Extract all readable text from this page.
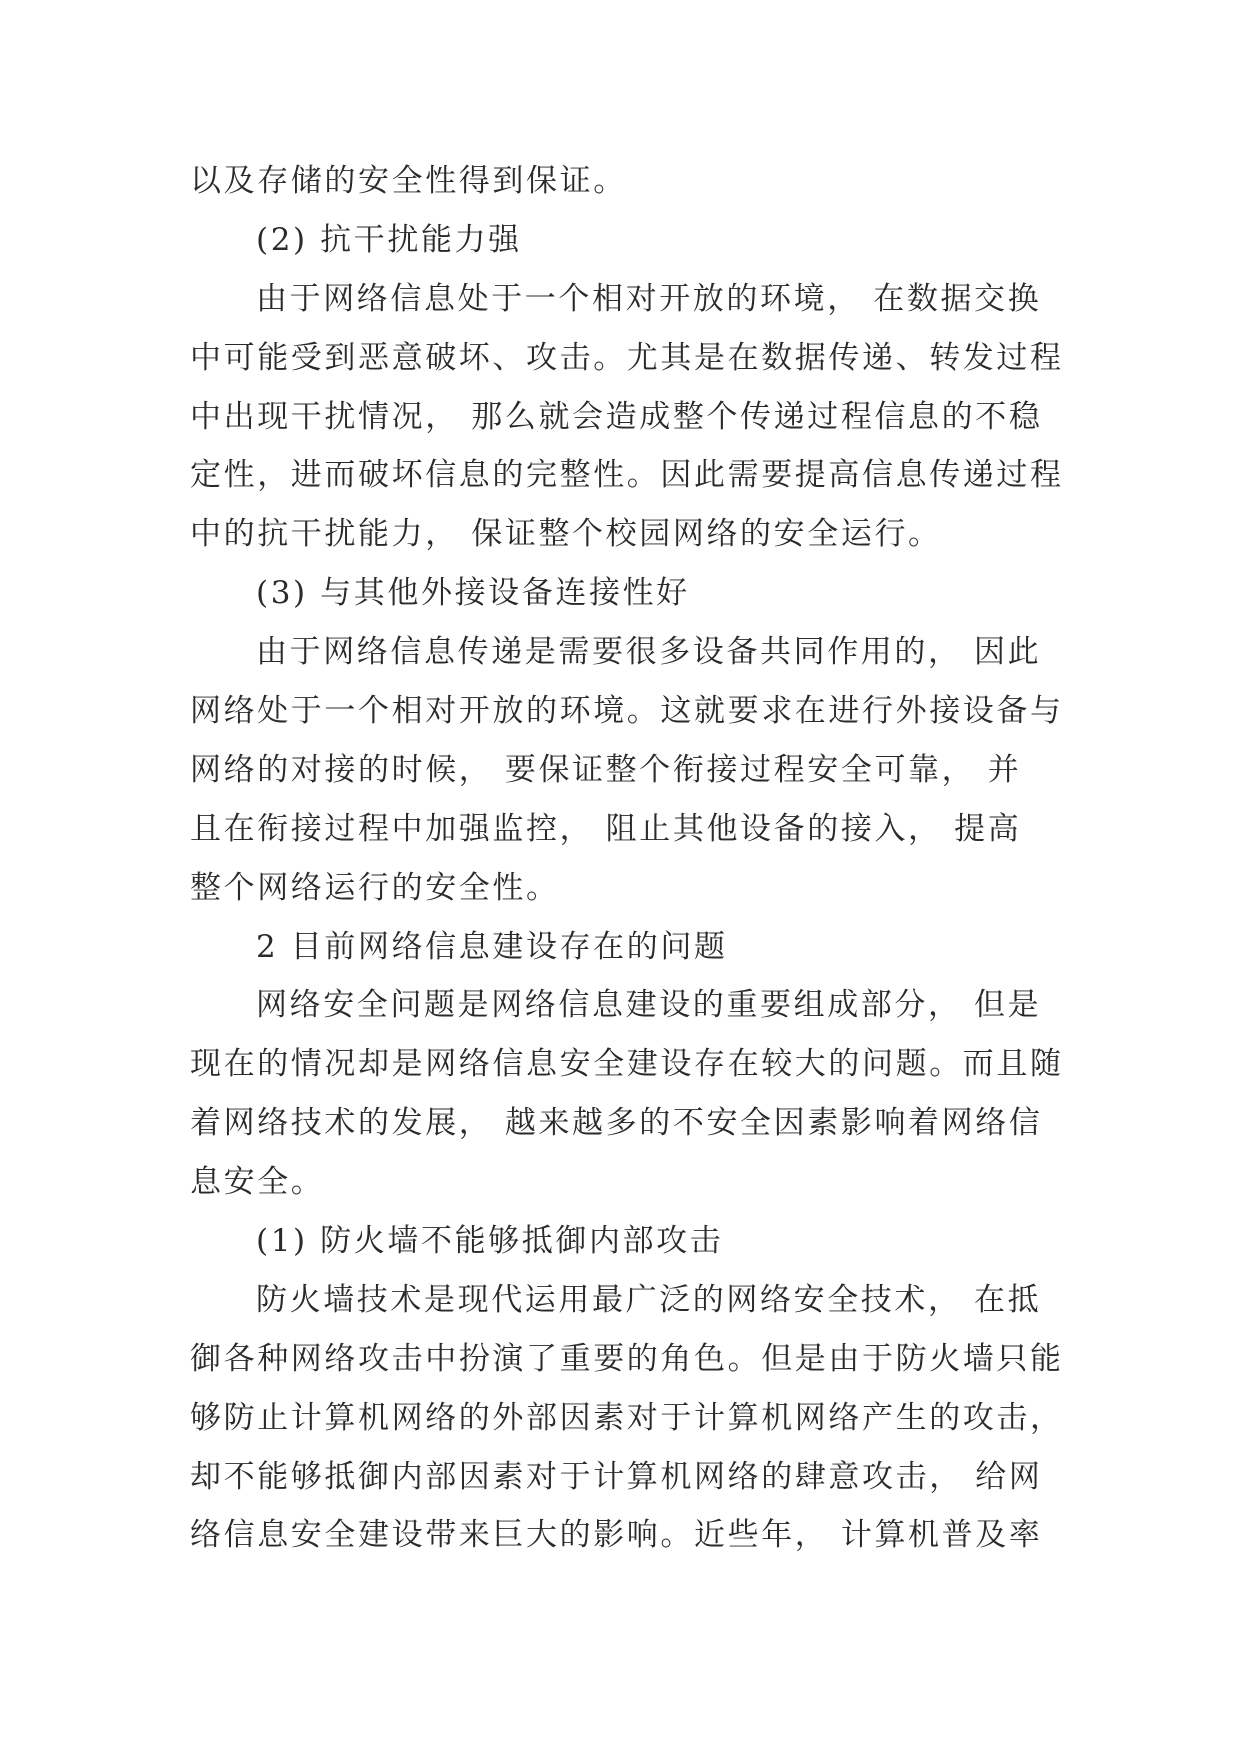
以及存储的安全性得到保证。
(2) 抗干扰能力强
由于网络信息处于一个相对开放的环境， 在数据交换
中可能受到恶意破坏、攻击。尤其是在数据传递、转发过程
中出现干扰情况， 那么就会造成整个传递过程信息的不稳
定性，进而破坏信息的完整性。因此需要提高信息传递过程
中的抗干扰能力， 保证整个校园网络的安全运行。
(3) 与其他外接设备连接性好
由于网络信息传递是需要很多设备共同作用的， 因此
网络处于一个相对开放的环境。这就要求在进行外接设备与
网络的对接的时候， 要保证整个衔接过程安全可靠， 并
且在衔接过程中加强监控， 阻止其他设备的接入， 提高
整个网络运行的安全性。
2 目前网络信息建设存在的问题
网络安全问题是网络信息建设的重要组成部分， 但是
现在的情况却是网络信息安全建设存在较大的问题。而且随
着网络技术的发展， 越来越多的不安全因素影响着网络信
息安全。
(1) 防火墙不能够抵御内部攻击
防火墙技术是现代运用最广泛的网络安全技术， 在抵
御各种网络攻击中扮演了重要的角色。但是由于防火墙只能
够防止计算机网络的外部因素对于计算机网络产生的攻击，
却不能够抵御内部因素对于计算机网络的肆意攻击， 给网
络信息安全建设带来巨大的影响。近些年， 计算机普及率
